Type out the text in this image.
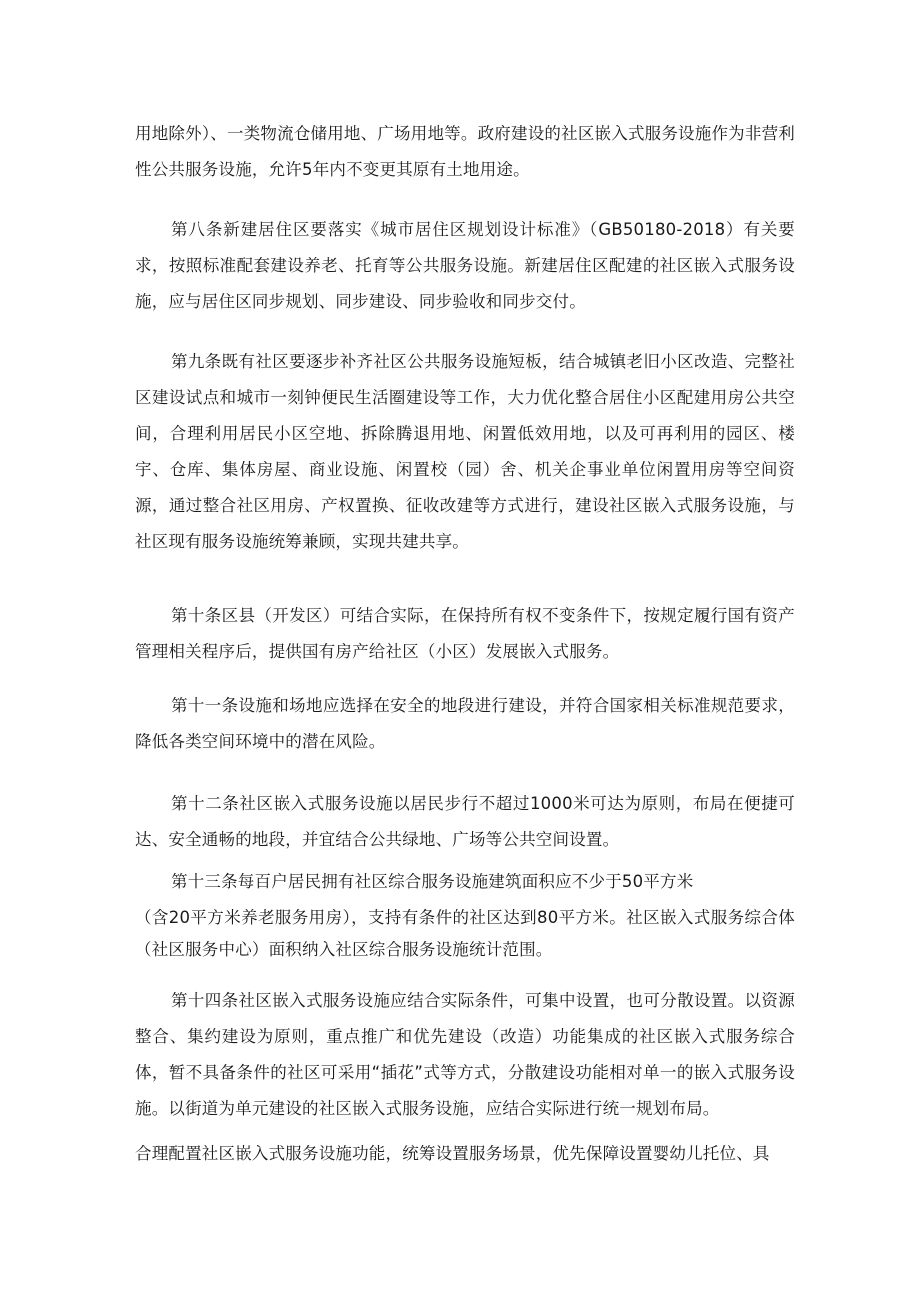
用地除外）、一类物流仓储用地、广场用地等。政府建设的社区嵌入式服务设施作为非营利性公共服务设施，允许5年内不变更其原有土地用途。

第八条新建居住区要落实《城市居住区规划设计标准》（GB50180-2018）有关要求，按照标准配套建设养老、托育等公共服务设施。新建居住区配建的社区嵌入式服务设施，应与居住区同步规划、同步建设、同步验收和同步交付。

第九条既有社区要逐步补齐社区公共服务设施短板，结合城镇老旧小区改造、完整社区建设试点和城市一刻钟便民生活圈建设等工作，大力优化整合居住小区配建用房公共空间，合理利用居民小区空地、拆除腾退用地、闲置低效用地，以及可再利用的园区、楼宇、仓库、集体房屋、商业设施、闲置校（园）舍、机关企事业单位闲置用房等空间资源，通过整合社区用房、产权置换、征收改建等方式进行，建设社区嵌入式服务设施，与社区现有服务设施统筹兼顾，实现共建共享。

第十条区县（开发区）可结合实际，在保持所有权不变条件下，按规定履行国有资产管理相关程序后，提供国有房产给社区（小区）发展嵌入式服务。

第十一条设施和场地应选择在安全的地段进行建设，并符合国家相关标准规范要求，降低各类空间环境中的潜在风险。

第十二条社区嵌入式服务设施以居民步行不超过1000米可达为原则，布局在便捷可达、安全通畅的地段，并宜结合公共绿地、广场等公共空间设置。

第十三条每百户居民拥有社区综合服务设施建筑面积应不少于50平方米

（含20平方米养老服务用房），支持有条件的社区达到80平方米。社区嵌入式服务综合体（社区服务中心）面积纳入社区综合服务设施统计范围。

第十四条社区嵌入式服务设施应结合实际条件，可集中设置，也可分散设置。以资源整合、集约建设为原则，重点推广和优先建设（改造）功能集成的社区嵌入式服务综合体，暂不具备条件的社区可采用“插花”式等方式，分散建设功能相对单一的嵌入式服务设施。以街道为单元建设的社区嵌入式服务设施，应结合实际进行统一规划布局。

合理配置社区嵌入式服务设施功能，统筹设置服务场景，优先保障设置婴幼儿托位、具
